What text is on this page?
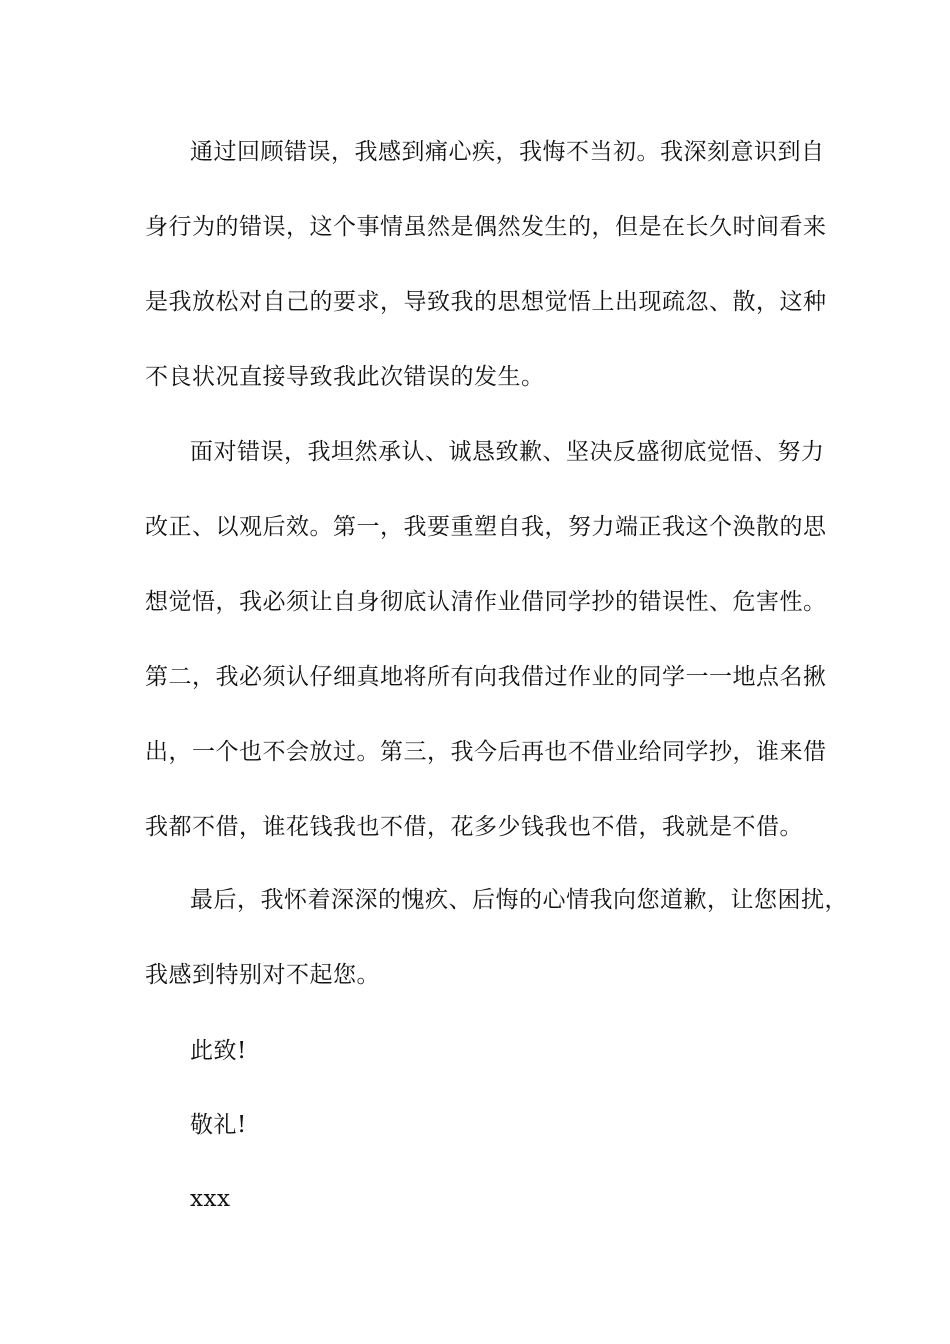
通过回顾错误，我感到痛心疾，我悔不当初。我深刻意识到自
身行为的错误，这个事情虽然是偶然发生的，但是在长久时间看来
是我放松对自己的要求，导致我的思想觉悟上出现疏忽、散，这种
不良状况直接导致我此次错误的发生。
面对错误，我坦然承认、诚恳致歉、坚决反盛彻底觉悟、努力
改正、以观后效。第一，我要重塑自我，努力端正我这个涣散的思
想觉悟，我必须让自身彻底认清作业借同学抄的错误性、危害性。
第二，我必须认仔细真地将所有向我借过作业的同学一一地点名揪
出，一个也不会放过。第三，我今后再也不借业给同学抄，谁来借
我都不借，谁花钱我也不借，花多少钱我也不借，我就是不借。
最后，我怀着深深的愧疚、后悔的心情我向您道歉，让您困扰，
我感到特别对不起您。
此致!
敬礼!
xxx
